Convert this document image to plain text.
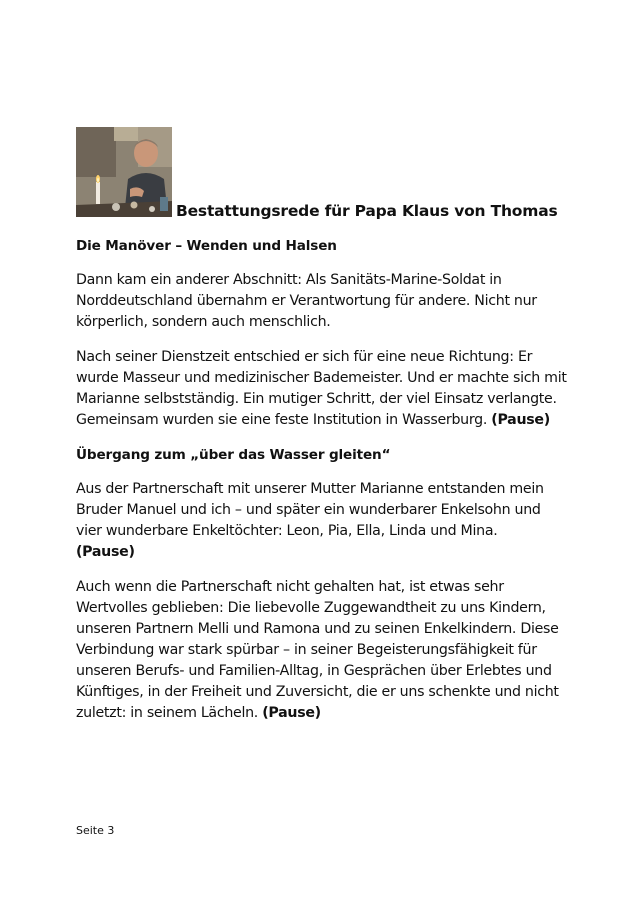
Bestattungsrede für Papa Klaus von Thomas
Die Manöver – Wenden und Halsen

Dann kam ein anderer Abschnitt: Als Sanitäts-Marine-Soldat in Norddeutschland übernahm er Verantwortung für andere. Nicht nur körperlich, sondern auch menschlich.

Nach seiner Dienstzeit entschied er sich für eine neue Richtung: Er wurde Masseur und medizinischer Bademeister. Und er machte sich mit Marianne selbstständig. Ein mutiger Schritt, der viel Einsatz verlangte. Gemeinsam wurden sie eine feste Institution in Wasserburg. (Pause)

Übergang zum „über das Wasser gleiten“

Aus der Partnerschaft mit unserer Mutter Marianne entstanden mein Bruder Manuel und ich – und später ein wunderbarer Enkelsohn und vier wunderbare Enkeltöchter: Leon, Pia, Ella, Linda und Mina.
(Pause)

Auch wenn die Partnerschaft nicht gehalten hat, ist etwas sehr Wertvolles geblieben: Die liebevolle Zuggewandtheit zu uns Kindern, unseren Partnern Melli und Ramona und zu seinen Enkelkindern. Diese Verbindung war stark spürbar – in seiner Begeisterungsfähigkeit für unseren Berufs- und Familien-Alltag, in Gesprächen über Erlebtes und Künftiges, in der Freiheit und Zuversicht, die er uns schenkte und nicht zuletzt: in seinem Lächeln. (Pause)

Seite 3
